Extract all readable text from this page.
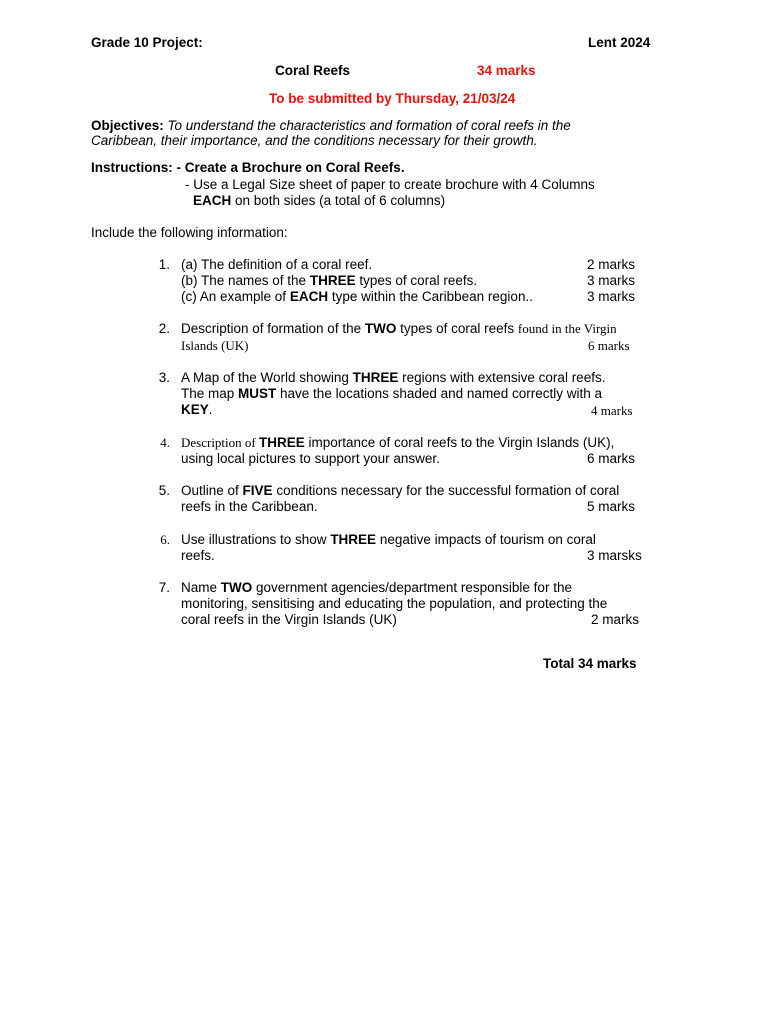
Grade 10 Project:	Lent 2024
Coral Reefs	34 marks
To be submitted by Thursday, 21/03/24
Objectives: To understand the characteristics and formation of coral reefs in the
Caribbean, their importance, and the conditions necessary for their growth.
Instructions: - Create a Brochure on Coral Reefs.
- Use a Legal Size sheet of paper to create brochure with 4 Columns
EACH on both sides (a total of 6 columns)
Include the following information:
1. (a) The definition of a coral reef.	2 marks
(b) The names of the THREE types of coral reefs.	3 marks
(c) An example of EACH type within the Caribbean region..	3 marks
2. Description of formation of the TWO types of coral reefs found in the Virgin
Islands (UK)	6 marks
3. A Map of the World showing THREE regions with extensive coral reefs.
The map MUST have the locations shaded and named correctly with a
KEY.	4 marks
4. Description of THREE importance of coral reefs to the Virgin Islands (UK),
using local pictures to support your answer.	6 marks
5. Outline of FIVE conditions necessary for the successful formation of coral
reefs in the Caribbean.	5 marks
6. Use illustrations to show THREE negative impacts of tourism on coral
reefs.	3 marsks
7. Name TWO government agencies/department responsible for the
monitoring, sensitising and educating the population, and protecting the
coral reefs in the Virgin Islands (UK)	2 marks
Total 34 marks
